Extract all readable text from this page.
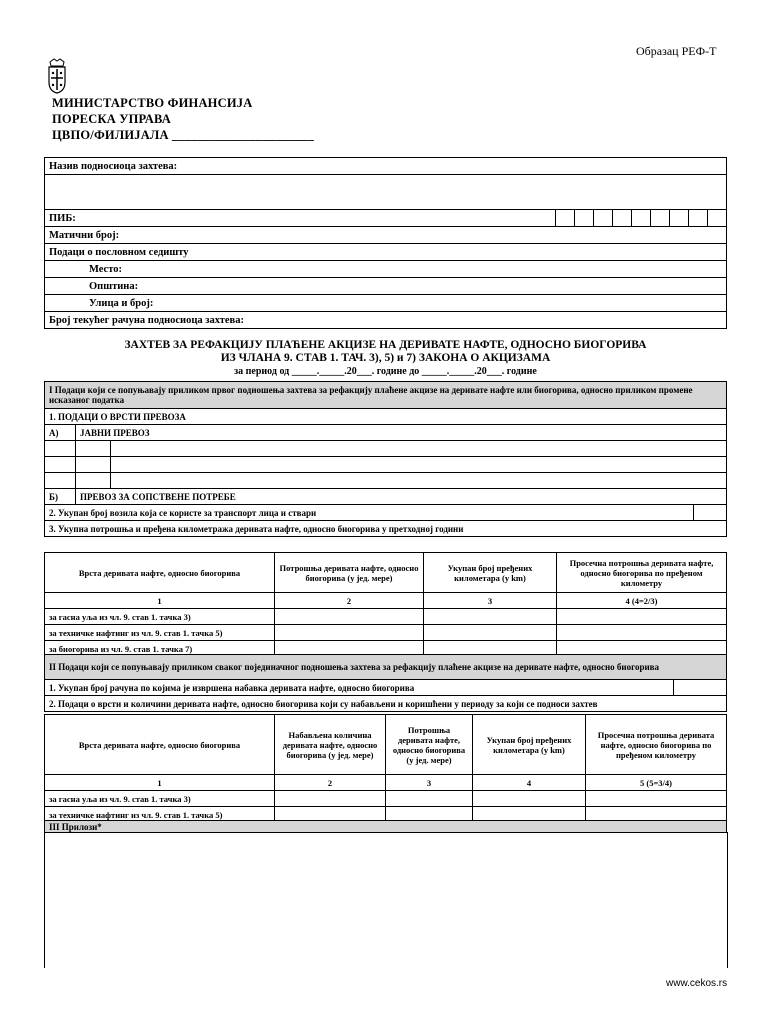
Образац РЕФ-Т
МИНИСТАРСТВО ФИНАНСИЈА
ПОРЕСКА УПРАВА
ЦВПО/ФИЛИЈАЛА ______________________
Назив подносиоца захтева:

ПИБ:									
Матични број:
Подаци о пословном седишту
Место:
Општина:
Улица и број:
Број текућег рачуна подносиоца захтева:
ЗАХТЕВ ЗА РЕФАКЦИЈУ ПЛАЋЕНЕ АКЦИЗЕ НА ДЕРИВАТЕ НАФТЕ, ОДНОСНО БИОГОРИВА
ИЗ ЧЛАНА 9. СТАВ 1. ТАЧ. 3), 5) и 7) ЗАКОНА О АКЦИЗАМА
за период од _____._____.20___. године до _____._____.20___. године
I Подаци који се попуњавају приликом првог подношења захтева за рефакцију плаћене акцизе на деривате нафте или биогорива, односно приликом промене исказаног податка			
1. ПОДАЦИ О ВРСТИ ПРЕВОЗА			
А)	ЈАВНИ ПРЕВОЗ		

Б)	ПРЕВОЗ ЗА СОПСТВЕНЕ ПОТРЕБЕ		
2. Укупан број возила која се користе за транспорт лица и ствари			
3. Укупна потрошња и пређена километража деривата нафте, односно биогорива у претходној години			
Врста деривата нафте, односно биогорива	Потрошња деривата нафте, односно биогорива (у јед. мере)	Укупан број пређених километара (у km)	Просечна потрошња деривата нафте, односно биогорива по пређеном километру
1	2	3	4 (4=2/3)
за гасна уља из чл. 9. став 1. тачка 3)			
за техничке нафтинг из чл. 9. став 1. тачка 5)			
за биогорива из чл. 9. став 1. тачка 7)			
II Подаци који се попуњавају приликом сваког појединачног подношења захтева за рефакцију плаћене акцизе на деривате нафте, односно биогорива
1. Укупан број рачуна по којима је извршена набавка деривата нафте, односно биогорива	
2. Подаци о врсти и количини деривата нафте, односно биогорива који су набављени и коришћени у периоду за који се подноси захтев
Врста деривата нафте, односно биогорива	Набављена количина деривата нафте, односно биогорива (у јед. мере)	Потрошња деривата нафте, односно биогорива (у јед. мере)	Укупан број пређених километара (у km)	Просечна потрошња деривата нафте, односно биогорива по пређеном километру
1	2	3	4	5 (5=3/4)
за гасна уља из чл. 9. став 1. тачка 3)				
за техничке нафтинг из чл. 9. став 1. тачка 5)				
III Прилози*
www.cekos.rs
